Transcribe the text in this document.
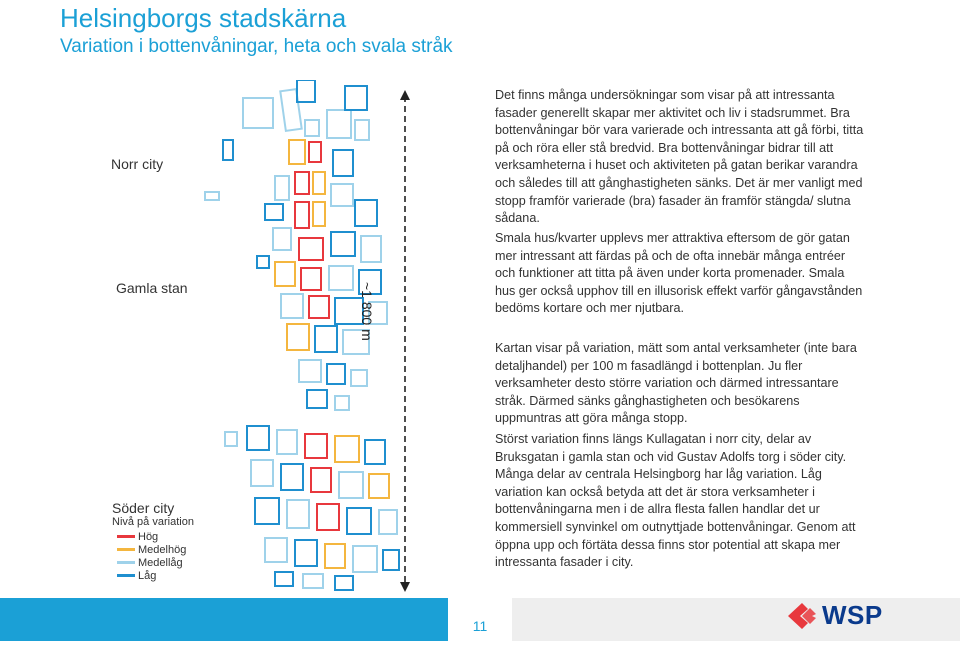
Helsingborgs stadskärna
Variation i bottenvåningar, heta och svala stråk
Norr city
Gamla stan
Söder city
Nivå på variation
Hög
Medelhög
Medellåg
Låg
~1 800 m

Det finns många undersökningar som visar på att intressanta fasader generellt skapar mer aktivitet och liv i stadsrummet. Bra bottenvåningar bör vara varierade och intressanta att gå förbi, titta på och röra eller stå bredvid. Bra bottenvåningar bidrar till att verksamheterna i huset och aktiviteten på gatan berikar varandra och således till att gånghastigheten sänks. Det är mer vanligt med stopp framför varierade (bra) fasader än framför stängda/ slutna sådana.

Smala hus/kvarter upplevs mer attraktiva eftersom de gör gatan mer intressant att färdas på och de ofta innebär många entréer och funktioner att titta på även under korta promenader. Smala hus ger också upphov till en illusorisk effekt varför gångavstånden bedöms kortare och mer njutbara.

Kartan visar på variation, mätt som antal verksamheter (inte bara detaljhandel) per 100 m fasadlängd i bottenplan. Ju fler verksamheter desto större variation och därmed intressantare stråk. Därmed sänks gånghastigheten och besökarens uppmuntras att göra många stopp.

Störst variation finns längs Kullagatan i norr city, delar av Bruksgatan i gamla stan och vid Gustav Adolfs torg i söder city. Många delar av centrala Helsingborg har låg variation. Låg variation kan också betyda att det är stora verksamheter i bottenvåningarna men i de allra flesta fallen handlar det ur kommersiell synvinkel om outnyttjade bottenvåningar. Genom att öppna upp och förtäta dessa finns stor potential att skapa mer intressanta fasader i city.

11	WSP
